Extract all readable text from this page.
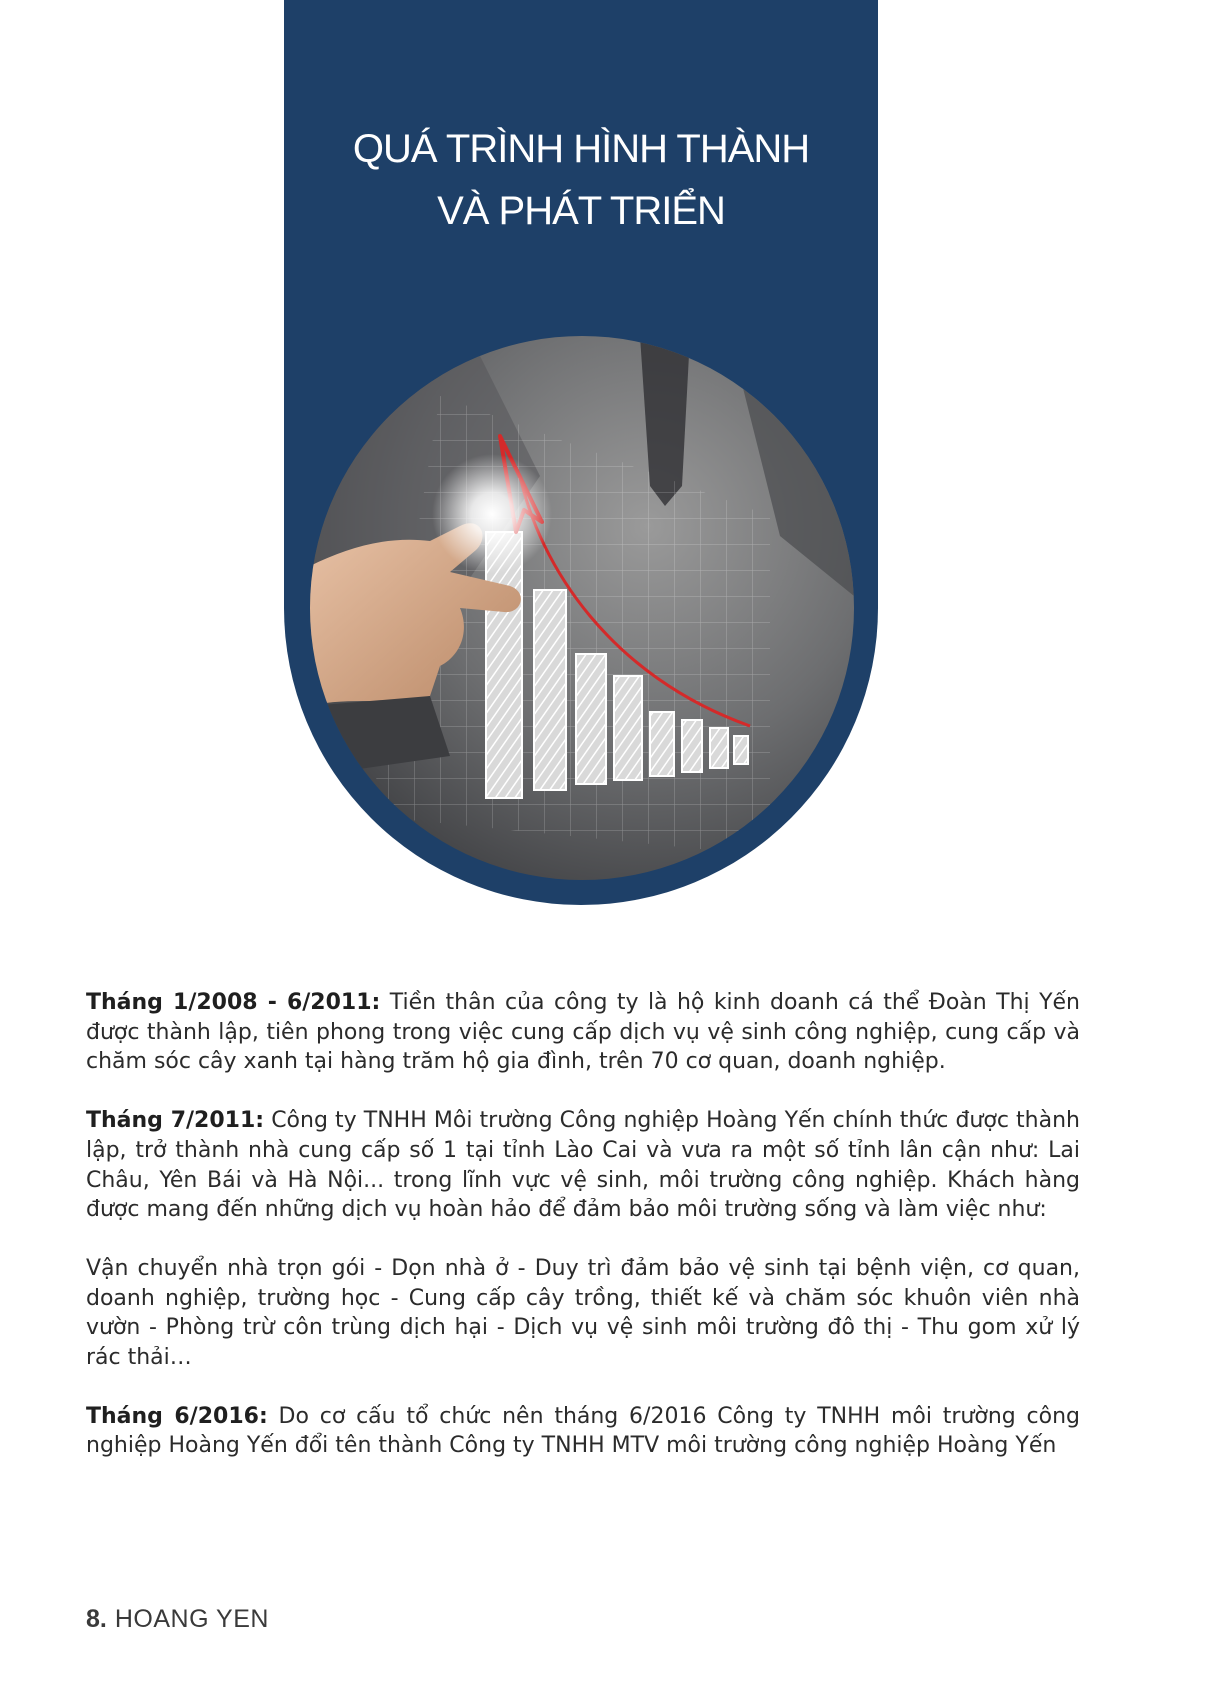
QUÁ TRÌNH HÌNH THÀNH
VÀ PHÁT TRIỂN

Tháng 1/2008 - 6/2011: Tiền thân của công ty là hộ kinh doanh cá thể Đoàn Thị Yến được thành lập, tiên phong trong việc cung cấp dịch vụ vệ sinh công nghiệp, cung cấp và chăm sóc cây xanh tại hàng trăm hộ gia đình, trên 70 cơ quan, doanh nghiệp.

Tháng 7/2011: Công ty TNHH Môi trường Công nghiệp Hoàng Yến chính thức được thành lập, trở thành nhà cung cấp số 1 tại tỉnh Lào Cai và vưa ra một số tỉnh lân cận như: Lai Châu, Yên Bái và Hà Nội... trong lĩnh vực vệ sinh, môi trường công nghiệp. Khách hàng được mang đến những dịch vụ hoàn hảo để đảm bảo môi trường sống và làm việc như:

Vận chuyển nhà trọn gói - Dọn nhà ở - Duy trì đảm bảo vệ sinh tại bệnh viện, cơ quan, doanh nghiệp, trường học - Cung cấp cây trồng, thiết kế và chăm sóc khuôn viên nhà vườn - Phòng trừ côn trùng dịch hại - Dịch vụ vệ sinh môi trường đô thị - Thu gom xử lý rác thải…

Tháng 6/2016: Do cơ cấu tổ chức nên tháng 6/2016 Công ty TNHH môi trường công nghiệp Hoàng Yến đổi tên thành Công ty TNHH MTV môi trường công nghiệp Hoàng Yến

8. HOANG YEN
